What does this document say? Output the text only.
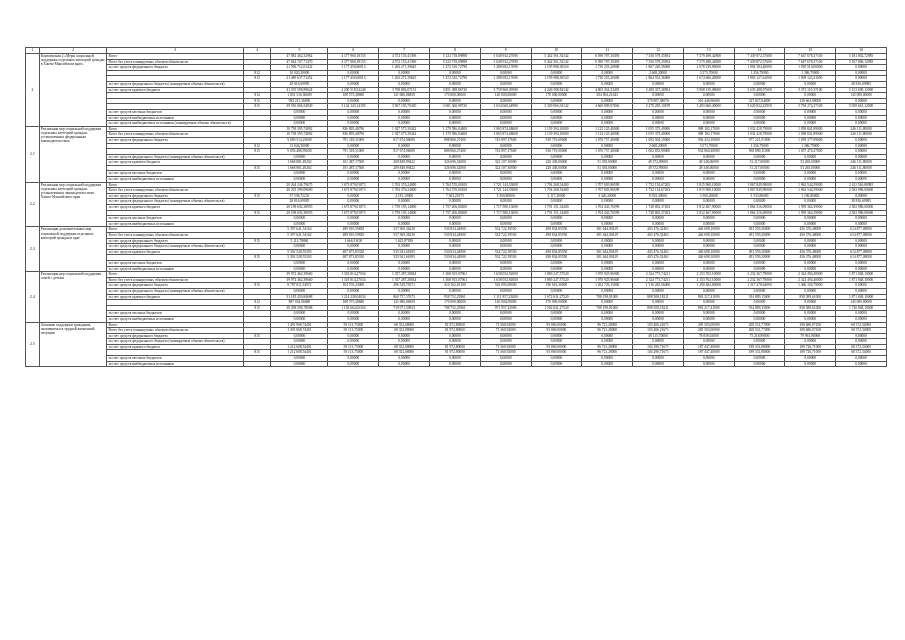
1	2	3	4	5	6	7	8	9	10	11	12	13	14	15	16
2	Комплексная 2 «Меры социальной поддержки отдельных категорий граждан в Ханты-Мансийском крае»	Всего		47 082 462,32962	4 377 960,18155	4 572 153,41396	5 123 718,09898	5 048 932,27690	5 442 561,54142	6 590 707,10493	7 356 579,35854	7 579 498,42808	7 439 872,37600	7 647 678,37100	5 181 802,72985
		Всего без учета планируемых объемов обязательств		47 044 767,71470	4 377 960,18155	4 572 153,41396	5 123 718,09898	5 048 932,27690	5 442 561,54142	6 590 707,10493	7 356 579,35854	7 579 498,42808	7 439 872,37600	7 647 678,37100	5 167 806,12985
		за счет средств федерального бюджета		21 596 712,01432	1 177 450,60013	1 263 271,39645	1 272 310,72798	1 288 692,17690	1 195 988,30520	1 730 253,20000	1 867 220,56068	1 678 239,96000	1 804 384,40000	1 910 510,00000	0,00000
			812	10 020,30000	0,00000	0,00000	0,00000	0,00000	0,00000	0,00000	2 668,20000	3 573,70000	1 256,79000	1 386,79000	0,00000
			815	21 489 637,71452	1 177 450,60013	1 263 271,39645	1 272 310,72798	1 288 692,17690	1 195 988,30520	1 730 253,20000	1 864 552,36068	1 674 666,26000	1 803 127,61000	1 909 123,21000	0,00000
		за счет средств федерального бюджета (планируемые объемы обязательств)		28 816,69985	0,00000	0,00000	0,00000	0,00000	0,00000	0,00000	0,00000	0,00000	0,00000	0,00000	28 816,69985
		за счет средств краевого бюджета		41 535 598,89624	4 200 518,52248	3 708 882,07151	3 851 388,86720	3 759 960,49580	4 246 588,84142	4 865 454,53493	5 489 357,28854	5 908 159,08000	5 635 488,97600	5 375 119,37100	5 153 699,12000
			812	1 001 316,30680	108 575,38680	141 686,06850	170 000,00000	140 000,00000	170 000,00000	204 694,21643	0,00000	0,00000	0,00000	0,00000	145 000,00000
			815	983 215,36850	0,00000	0,00000	0,00000	0,00000	0,00000	0,00000	379 807,38076	216 446,96000	327 827,64000	238 663,98000	0,00000
			815	39 556 066,54940	3 142 143,14185	3 567 195,70430	3 681 366,98720	3 634 060,44980	3 349 066,54142	4 660 809,97846	5 279 285,10678	5 493 666,40000	5 620 822,23950	5 794 274,37100	5 058 661,12000
		за счет средств местных бюджетов		0,00000	0,00000	0,00000	0,00000	0,00000	0,00000	0,00000	0,00000	0,00000	0,00000	0,00000	0,00000
		за счет средств внебюджетных источников		0,00000	0,00000	0,00000	0,00000	0,00000	0,00000	0,00000	0,00000	0,00000	0,00000	0,00000	0,00000
		за счет средств внебюджетных источников (планируемые объемы обязательств)		0,00000	0,00000	0,00000	0,00000	0,00000	0,00000	0,00000	0,00000	0,00000	0,00000	0,00000	0,00000
2.1	Реализация мер социальной поддержки отдельных категорий граждан, установленных федеральным законодательством	Всего		10 738 395,74802	836 895,48790	1 027 575,39422	1 179 586,04400	1 065 874,48600	1 139 394,10000	1 123 125,40000	1 055 375,49000	988 182,17000	1 032 418,79000	1 058 841,89000	246 111,80000
		Всего без учета планируемых объемов обязательств		10 738 395,74802	836 895,48790	1 027 575,39422	1 179 586,04400	1 065 874,48600	1 139 394,10000	1 123 125,40000	1 055 375,49000	988 182,17000	1 032 418,79000	1 058 841,89000	246 111,80000
		за счет средств федерального бюджета		9 069 514,25600	791 318,31000	817 674,06000	888 866,27400	743 897,37600	918 719,00000	1 076 757,40000	1 005 504,10000	936 434,10000	977 221,01000	1 059 377,99000	0,00000
			812	13 026,30000	0,00000	0,00000	0,00000	0,00000	0,00000	0,00000	2 668,20000	3 573,70000	1 256,79000	1 386,79000	0,00000
			815	9 056 486,95600	791 318,31000	817 674,06000	888 866,27400	743 897,37600	918 719,00000	1 076 757,40000	1 002 835,90000	932 860,40000	965 890,11000	1 057 474,37000	0,00000
		за счет средств федерального бюджета (планируемые объемы обязательств)		0,00000	0,00000	0,00000	0,00000	0,00000	0,00000	0,00000	0,00000	0,00000	0,00000	0,00000	0,00000
		за счет средств краевого бюджета		1 668 881,49202	101 487,17500	209 849,99422	326 696,32000	322 107,10000	220 438,00000	51 393,00000	49 372,99000	49 348,06000	51 217,00000	53 265,00000	246 111,80000
			815	1 668 881,49202	101 487,17500	209 849,99422	326 696,32000	322 107,10000	220 438,00000	51 393,00000	49 372,99000	49 348,06000	51 217,00000	53 265,00000	246 111,80000
		за счет средств местных бюджетов		0,00000	0,00000	0,00000	0,00000	0,00000	0,00000	0,00000	0,00000	0,00000	0,00000	0,00000	0,00000
		за счет средств внебюджетных источников		0,00000	0,00000	0,00000	0,00000	0,00000	0,00000	0,00000	0,00000	0,00000	0,00000	0,00000	0,00000
2.2	Реализация мер социальной поддержки отдельных категорий граждан, установленных законодательством Ханты-Мансийского края	Всего		20 264 246,79675	1 673 879,01873	1 763 376,24000	1 764 570,00100	1 721 144,33000	1 794 268,54400	1 707 803,96599	1 752 154,67263	1 815 968,10000	1 867 849,99000	1 962 544,59000	2 411 546,80985
		Всего без учета планируемых объемов обязательств		20 235 399,09690	1 673 879,01873	1 763 376,24000	1 764 570,00100	1 721 144,33000	1 794 268,54400	1 707 803,96599	1 752 154,67263	1 815 968,10000	1 867 849,99000	1 962 544,59000	2 382 986,00000
		за счет средств федерального бюджета	815	37 536,72235	0,00000	4 181,10000	7 363,20175	3 569,80000	3 117,20000	3 420,20000	8 393,30000	3 500,20000	3 533,80000	1 196,80000	0,00000
		за счет средств федерального бюджета (планируемые объемы обязательств)		28 816,69985	0,00000	0,00000	0,00000	0,00000	0,00000	0,00000	0,00000	0,00000	0,00000	0,00000	28 816,69985
		за счет средств краевого бюджета		20 198 692,38955	1 673 879,01873	1 759 195,14000	1 757 206,80200	1 717 580,13000	1 791 151,34400	1 704 443,76599	1 728 802,37263	1 812 467,90000	1 864 316,09000	1 959 364,39000	2 382 986,00000
			815	20 198 692,38955	1 673 879,01873	1 759 195,14000	1 757 206,80200	1 717 580,13000	1 791 151,34400	1 704 443,76599	1 728 802,37263	1 812 467,90000	1 864 316,09000	1 959 364,39000	2 382 986,00000
		за счет средств местных бюджетов		0,00000	0,00000	0,00000	0,00000	0,00000	0,00000	0,00000	0,00000	0,00000	0,00000	0,00000	0,00000
		за счет средств внебюджетных источников		0,00000	0,00000	0,00000	0,00000	0,00000	0,00000	0,00000	0,00000	0,00000	0,00000	0,00000	0,00000
2.3	Реализация дополнительных мер социальной поддержки отдельных категорий граждан в крае	Всего		5 397 641,54163	489 810,59830	537 369,36230	530 834,44900	532 722,39550	490 834,85550	381 644,00419	403 476,32461	446 698,10000	491 559,20000	456 376,48000	614 877,08000
		Всего без учета планируемых объемов обязательств		5 397 641,54162	489 810,59830	537 369,36230	530 834,44900	532 722,39550	490 834,85550	381 644,00419	403 476,32461	446 698,10000	491 559,20000	456 376,48000	614 877,08000
		за счет средств федерального бюджета	815	5 112,78860	1 666,51100	1 625,87830	0,00000	0,00000	0,00000	0,00000	0,00000	0,00000	0,00000	0,00000	0,00000
		за счет средств федерального бюджета (планируемые объемы обязательств)		0,00000	0,00000	0,00000	0,00000	0,00000	0,00000	0,00000	0,00000	0,00000	0,00000	0,00000	0,00000
		за счет средств краевого бюджета		5 392 528,55303	487 873,85330	535 941,66395	530 834,44900	532 722,39550	490 834,85550	381 644,00419	403 476,32461	446 698,10000	491 559,20000	456 376,48000	614 877,08000
			815	5 392 528,55303	487 873,85330	535 941,66395	530 834,44900	532 722,39550	490 834,85550	381 644,00419	403 476,32461	446 698,10000	491 559,20000	456 376,48000	614 877,08000
		за счет средств местных бюджетов		0,00000	0,00000	0,00000	0,00000	0,00000	0,00000	0,00000	0,00000	0,00000	0,00000	0,00000	0,00000
		за счет средств внебюджетных источников		0,00000	0,00000	0,00000	0,00000	0,00000	0,00000	0,00000	0,00000	0,00000	0,00000	0,00000	0,00000
2.4	Реализация мер социальной поддержки семей с детьми	Всего		39 972 462,39660	1 318 814,27034	1 357 287,28044	1 368 915,07061	1 638 052,92000	1 869 247,57520	1 970 925,96000	2 324 773,74211	2 153 702,10000	2 232 367,79000	2 324 494,40000	1 871 848,10000
		Всего без учета планируемых объемов обязательств		39 972 462,39660	1 318 814,27034	1 357 287,28044	1 368 915,07061	1 638 052,92000	1 869 247,57520	1 970 925,96000	2 324 773,74211	2 153 702,10000	2 232 367,79000	2 324 494,40000	1 871 848,10000
		за счет средств федерального бюджета	815	8 787 011,54972	104 576,23000	496 529,70371	410 162,81100	526 095,69000	196 616,30000	1 262 726,15000	1 516 265,56000	1 290 484,69000	1 317 478,64000	1 466 104,79000	0,00000
		за счет средств федерального бюджета (планируемые объемы обязательств)		0,00000	0,00000	0,00000	0,00000	0,00000	0,00000	0,00000	0,00000	0,00000	0,00000	0,00000	0,00000
		за счет средств краевого бюджета		31 185 450,84688	1 214 238,04034	860 757,57673	958 752,25961	1 111 957,23000	1 672 631,27520	708 199,81000	808 508,18211	863 217,41000	914 889,15000	858 389,61000	1 871 848,10000
			812	887 054,06680	108 575,38680	141 686,06850	170 000,00000	140 000,00000	170 000,00000	0,00000	0,00000	0,00000	0,00000	0,00000	145 000,00000
			815	30 298 396,78008	1 105 662,65354	719 071,50823	788 752,25961	971 957,23000	1 502 631,27520	708 199,81000	808 508,18211	863 217,41000	914 889,15000	858 389,61000	1 726 848,10000
		за счет средств местных бюджетов		0,00000	0,00000	0,00000	0,00000	0,00000	0,00000	0,00000	0,00000	0,00000	0,00000	0,00000	0,00000
		за счет средств внебюджетных источников		0,00000	0,00000	0,00000	0,00000	0,00000	0,00000	0,00000	0,00000	0,00000	0,00000	0,00000	0,00000
2.5	Оказание поддержки гражданам, оказавшимся в трудной жизненной ситуации	Всего		1 491 968,74401	59 113,75000	68 352,08000	81 972,80000	71 360,92000	93 869,00000	96 721,28000	103 406,21671	285 503,00000	269 531,77000	298 686,07100	68 372,34000
		Всего без учета планируемых объемов обязательств		1 491 968,74401	59 113,75000	68 352,08000	81 972,80000	71 360,92000	93 869,00000	96 721,28000	103 406,21671	285 503,00000	269 531,77000	298 686,07100	68 372,34000
		за счет средств федерального бюджета	815	0,00000	0,00000	0,00000	0,00000	0,00000	0,00000	0,00000	49 115,70000	78 058,63000	75 218,89000	79 961,90000	0,00000
		за счет средств федерального бюджета (планируемые объемы обязательств)		0,00000	0,00000	0,00000	0,00000	0,00000	0,00000	0,00000	0,00000	0,00000	0,00000	0,00000	0,00000
		за счет средств краевого бюджета		1 212 608,54401	59 113,75000	68 352,08000	81 972,80000	71 360,92000	93 869,00000	96 721,28000	104 290,71671	187 447,40000	189 331,88000	189 726,71000	68 372,34000
			815	1 212 608,54401	59 113,75000	68 352,08000	81 972,80000	71 360,92000	93 869,00000	96 721,28000	104 290,71671	187 447,40000	189 331,88000	189 726,71000	68 372,34000
		за счет средств местных бюджетов		0,00000	0,00000	0,00000	0,00000	0,00000	0,00000	0,00000	0,00000	0,00000	0,00000	0,00000	0,00000
		за счет средств внебюджетных источников		0,00000	0,00000	0,00000	0,00000	0,00000	0,00000	0,00000	0,00000	0,00000	0,00000	0,00000	0,00000
